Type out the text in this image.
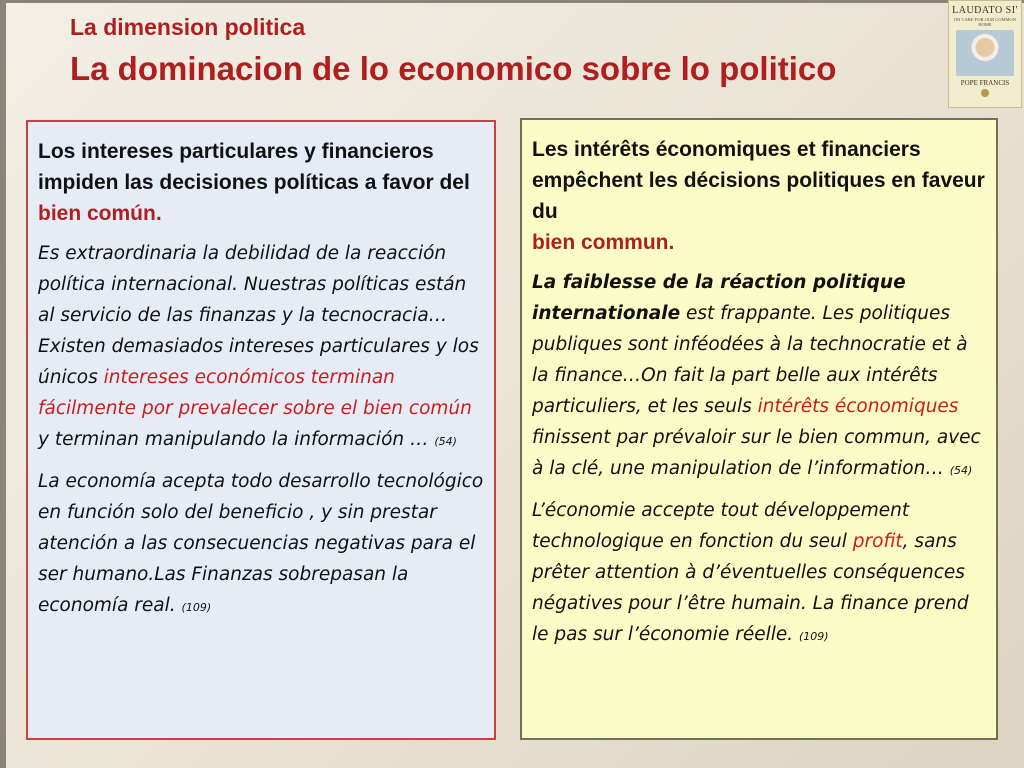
La dimension politica
La dominacion de lo economico sobre lo politico
LAUDATO SI'
ON CARE FOR OUR COMMON HOME
POPE FRANCIS

Los intereses particulares y financieros impiden las decisiones políticas a favor del
bien común.

Es extraordinaria la debilidad de la reacción política internacional. Nuestras políticas están al servicio de las finanzas y la tecnocracia… Existen demasiados intereses particulares y los únicos intereses económicos terminan fácilmente por prevalecer sobre el bien común y terminan manipulando la información … (54)

La economía acepta todo desarrollo tecnológico en función solo del beneficio , y sin prestar atención a las consecuencias negativas para el ser humano.Las Finanzas sobrepasan la economía real. (109)

Les intérêts économiques et financiers empêchent les décisions politiques en faveur du
bien commun.

La faiblesse de la réaction politique internationale est frappante. Les politiques publiques sont inféodées à la technocratie et à la finance…On fait la part belle aux intérêts particuliers, et les seuls intérêts économiques finissent par prévaloir sur le bien commun, avec à la clé, une manipulation de l’information… (54)

L’économie accepte tout développement technologique en fonction du seul profit, sans prêter attention à d’éventuelles conséquences négatives pour l’être humain. La finance prend le pas sur l’économie réelle. (109)
